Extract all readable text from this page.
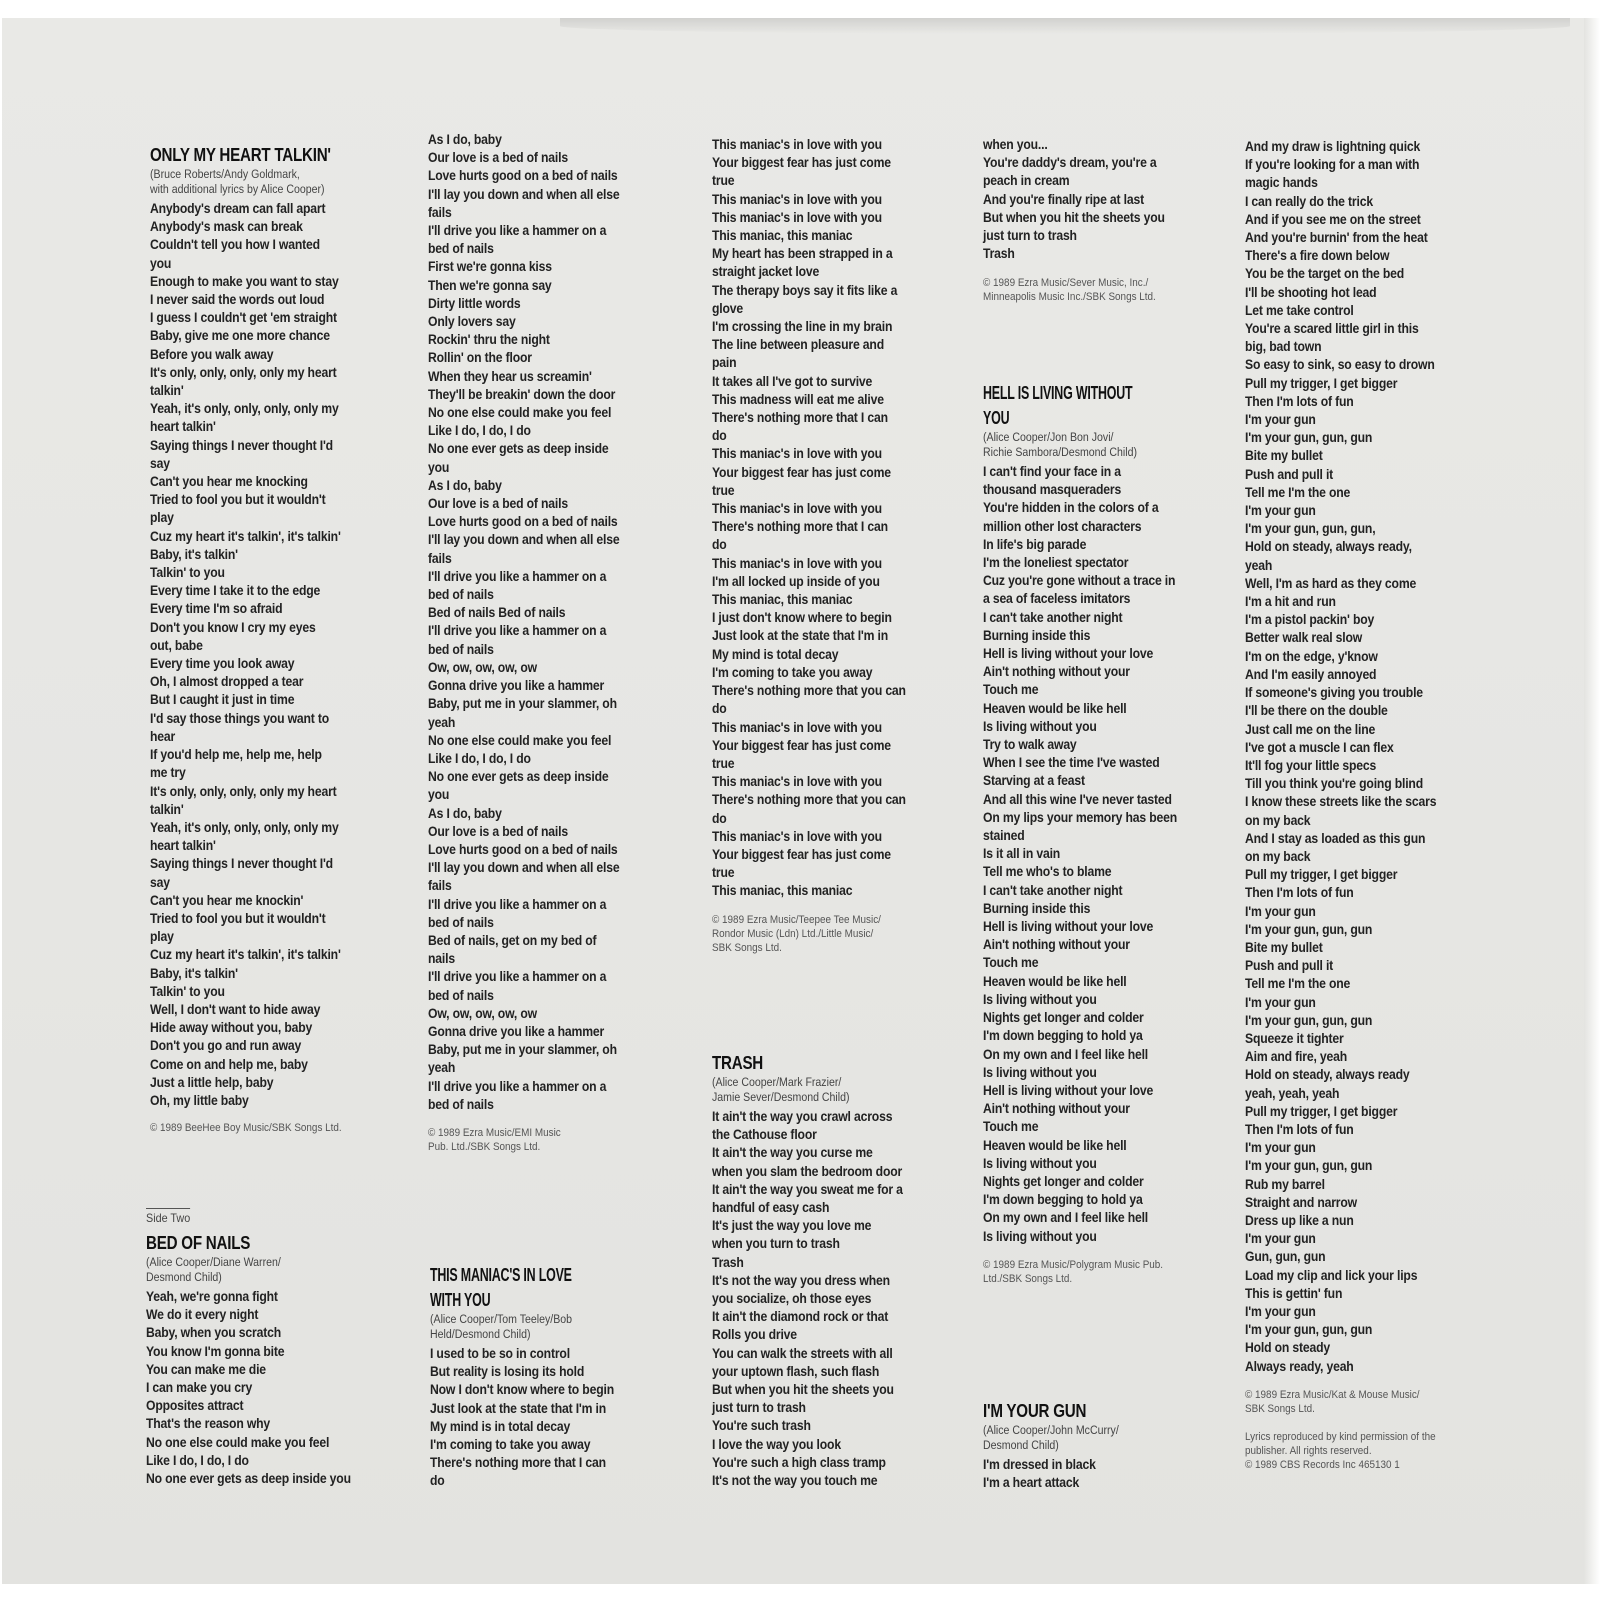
ONLY MY HEART TALKIN'
(Bruce Roberts/Andy Goldmark,
with additional lyrics by Alice Cooper)
Anybody's dream can fall apart
Anybody's mask can break
Couldn't tell you how I wanted
you
Enough to make you want to stay
I never said the words out loud
I guess I couldn't get 'em straight
Baby, give me one more chance
Before you walk away
It's only, only, only, only my heart
talkin'
Yeah, it's only, only, only, only my
heart talkin'
Saying things I never thought I'd
say
Can't you hear me knocking
Tried to fool you but it wouldn't
play
Cuz my heart it's talkin', it's talkin'
Baby, it's talkin'
Talkin' to you
Every time I take it to the edge
Every time I'm so afraid
Don't you know I cry my eyes
out, babe
Every time you look away
Oh, I almost dropped a tear
But I caught it just in time
I'd say those things you want to
hear
If you'd help me, help me, help
me try
It's only, only, only, only my heart
talkin'
Yeah, it's only, only, only, only my
heart talkin'
Saying things I never thought I'd
say
Can't you hear me knockin'
Tried to fool you but it wouldn't
play
Cuz my heart it's talkin', it's talkin'
Baby, it's talkin'
Talkin' to you
Well, I don't want to hide away
Hide away without you, baby
Don't you go and run away
Come on and help me, baby
Just a little help, baby
Oh, my little baby
© 1989 BeeHee Boy Music/SBK Songs Ltd.
Side Two
BED OF NAILS
(Alice Cooper/Diane Warren/
Desmond Child)
Yeah, we're gonna fight
We do it every night
Baby, when you scratch
You know I'm gonna bite
You can make me die
I can make you cry
Opposites attract
That's the reason why
No one else could make you feel
Like I do, I do, I do
No one ever gets as deep inside you
As I do, baby
Our love is a bed of nails
Love hurts good on a bed of nails
I'll lay you down and when all else
fails
I'll drive you like a hammer on a
bed of nails
First we're gonna kiss
Then we're gonna say
Dirty little words
Only lovers say
Rockin' thru the night
Rollin' on the floor
When they hear us screamin'
They'll be breakin' down the door
No one else could make you feel
Like I do, I do, I do
No one ever gets as deep inside
you
As I do, baby
Our love is a bed of nails
Love hurts good on a bed of nails
I'll lay you down and when all else
fails
I'll drive you like a hammer on a
bed of nails
Bed of nails Bed of nails
I'll drive you like a hammer on a
bed of nails
Ow, ow, ow, ow, ow
Gonna drive you like a hammer
Baby, put me in your slammer, oh
yeah
No one else could make you feel
Like I do, I do, I do
No one ever gets as deep inside
you
As I do, baby
Our love is a bed of nails
Love hurts good on a bed of nails
I'll lay you down and when all else
fails
I'll drive you like a hammer on a
bed of nails
Bed of nails, get on my bed of
nails
I'll drive you like a hammer on a
bed of nails
Ow, ow, ow, ow, ow
Gonna drive you like a hammer
Baby, put me in your slammer, oh
yeah
I'll drive you like a hammer on a
bed of nails
© 1989 Ezra Music/EMI Music
Pub. Ltd./SBK Songs Ltd.
THIS MANIAC'S IN LOVE
WITH YOU
(Alice Cooper/Tom Teeley/Bob
Held/Desmond Child)
I used to be so in control
But reality is losing its hold
Now I don't know where to begin
Just look at the state that I'm in
My mind is in total decay
I'm coming to take you away
There's nothing more that I can
do
This maniac's in love with you
Your biggest fear has just come
true
This maniac's in love with you
This maniac's in love with you
This maniac, this maniac
My heart has been strapped in a
straight jacket love
The therapy boys say it fits like a
glove
I'm crossing the line in my brain
The line between pleasure and
pain
It takes all I've got to survive
This madness will eat me alive
There's nothing more that I can
do
This maniac's in love with you
Your biggest fear has just come
true
This maniac's in love with you
There's nothing more that I can
do
This maniac's in love with you
I'm all locked up inside of you
This maniac, this maniac
I just don't know where to begin
Just look at the state that I'm in
My mind is total decay
I'm coming to take you away
There's nothing more that you can
do
This maniac's in love with you
Your biggest fear has just come
true
This maniac's in love with you
There's nothing more that you can
do
This maniac's in love with you
Your biggest fear has just come
true
This maniac, this maniac
© 1989 Ezra Music/Teepee Tee Music/
Rondor Music (Ldn) Ltd./Little Music/
SBK Songs Ltd.
TRASH
(Alice Cooper/Mark Frazier/
Jamie Sever/Desmond Child)
It ain't the way you crawl across
the Cathouse floor
It ain't the way you curse me
when you slam the bedroom door
It ain't the way you sweat me for a
handful of easy cash
It's just the way you love me
when you turn to trash
Trash
It's not the way you dress when
you socialize, oh those eyes
It ain't the diamond rock or that
Rolls you drive
You can walk the streets with all
your uptown flash, such flash
But when you hit the sheets you
just turn to trash
You're such trash
I love the way you look
You're such a high class tramp
It's not the way you touch me
when you...
You're daddy's dream, you're a
peach in cream
And you're finally ripe at last
But when you hit the sheets you
just turn to trash
Trash
© 1989 Ezra Music/Sever Music, Inc./
Minneapolis Music Inc./SBK Songs Ltd.
HELL IS LIVING WITHOUT
YOU
(Alice Cooper/Jon Bon Jovi/
Richie Sambora/Desmond Child)
I can't find your face in a
thousand masqueraders
You're hidden in the colors of a
million other lost characters
In life's big parade
I'm the loneliest spectator
Cuz you're gone without a trace in
a sea of faceless imitators
I can't take another night
Burning inside this
Hell is living without your love
Ain't nothing without your
Touch me
Heaven would be like hell
Is living without you
Try to walk away
When I see the time I've wasted
Starving at a feast
And all this wine I've never tasted
On my lips your memory has been
stained
Is it all in vain
Tell me who's to blame
I can't take another night
Burning inside this
Hell is living without your love
Ain't nothing without your
Touch me
Heaven would be like hell
Is living without you
Nights get longer and colder
I'm down begging to hold ya
On my own and I feel like hell
Is living without you
Hell is living without your love
Ain't nothing without your
Touch me
Heaven would be like hell
Is living without you
Nights get longer and colder
I'm down begging to hold ya
On my own and I feel like hell
Is living without you
© 1989 Ezra Music/Polygram Music Pub.
Ltd./SBK Songs Ltd.
I'M YOUR GUN
(Alice Cooper/John McCurry/
Desmond Child)
I'm dressed in black
I'm a heart attack
And my draw is lightning quick
If you're looking for a man with
magic hands
I can really do the trick
And if you see me on the street
And you're burnin' from the heat
There's a fire down below
You be the target on the bed
I'll be shooting hot lead
Let me take control
You're a scared little girl in this
big, bad town
So easy to sink, so easy to drown
Pull my trigger, I get bigger
Then I'm lots of fun
I'm your gun
I'm your gun, gun, gun
Bite my bullet
Push and pull it
Tell me I'm the one
I'm your gun
I'm your gun, gun, gun,
Hold on steady, always ready,
yeah
Well, I'm as hard as they come
I'm a hit and run
I'm a pistol packin' boy
Better walk real slow
I'm on the edge, y'know
And I'm easily annoyed
If someone's giving you trouble
I'll be there on the double
Just call me on the line
I've got a muscle I can flex
It'll fog your little specs
Till you think you're going blind
I know these streets like the scars
on my back
And I stay as loaded as this gun
on my back
Pull my trigger, I get bigger
Then I'm lots of fun
I'm your gun
I'm your gun, gun, gun
Bite my bullet
Push and pull it
Tell me I'm the one
I'm your gun
I'm your gun, gun, gun
Squeeze it tighter
Aim and fire, yeah
Hold on steady, always ready
yeah, yeah, yeah
Pull my trigger, I get bigger
Then I'm lots of fun
I'm your gun
I'm your gun, gun, gun
Rub my barrel
Straight and narrow
Dress up like a nun
I'm your gun
Gun, gun, gun
Load my clip and lick your lips
This is gettin' fun
I'm your gun
I'm your gun, gun, gun
Hold on steady
Always ready, yeah
© 1989 Ezra Music/Kat & Mouse Music/
SBK Songs Ltd.

Lyrics reproduced by kind permission of the
publisher. All rights reserved.
© 1989 CBS Records Inc 465130 1
